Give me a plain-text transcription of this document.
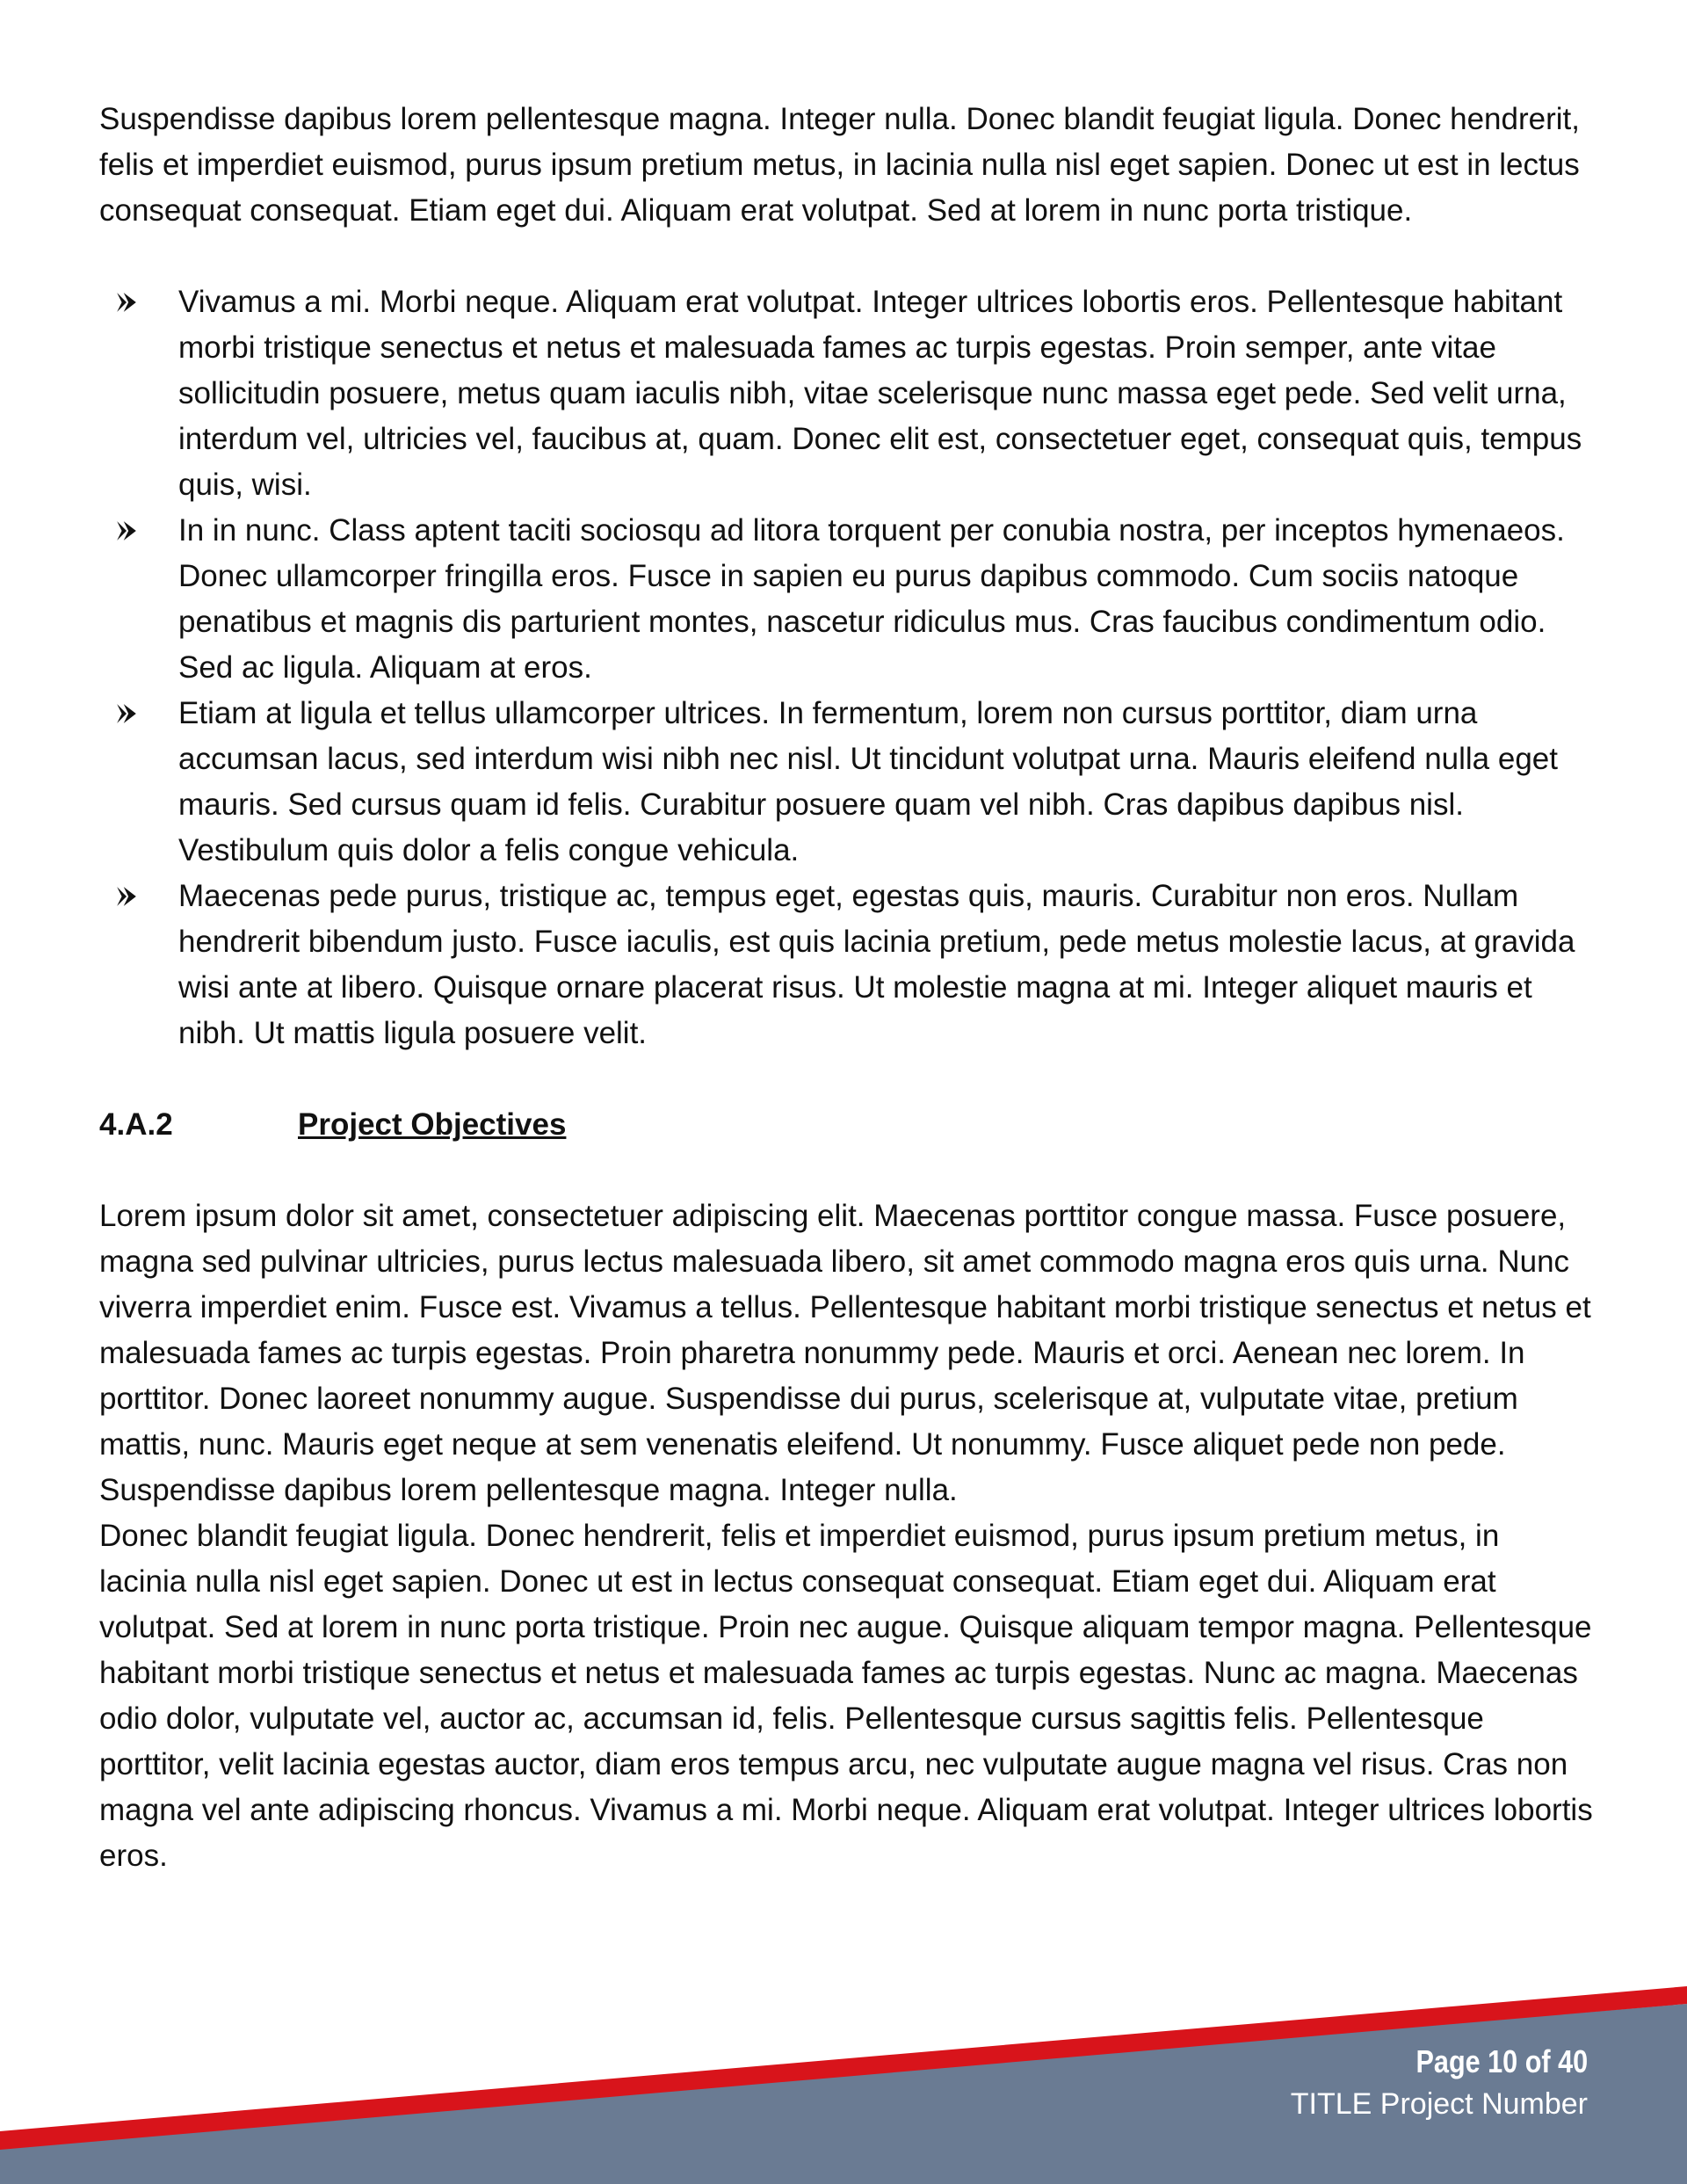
Suspendisse dapibus lorem pellentesque magna. Integer nulla. Donec blandit feugiat ligula. Donec hendrerit, felis et imperdiet euismod, purus ipsum pretium metus, in lacinia nulla nisl eget sapien. Donec ut est in lectus consequat consequat. Etiam eget dui. Aliquam erat volutpat. Sed at lorem in nunc porta tristique.

Vivamus a mi. Morbi neque. Aliquam erat volutpat. Integer ultrices lobortis eros. Pellentesque habitant morbi tristique senectus et netus et malesuada fames ac turpis egestas. Proin semper, ante vitae sollicitudin posuere, metus quam iaculis nibh, vitae scelerisque nunc massa eget pede. Sed velit urna, interdum vel, ultricies vel, faucibus at, quam. Donec elit est, consectetuer eget, consequat quis, tempus quis, wisi.
In in nunc. Class aptent taciti sociosqu ad litora torquent per conubia nostra, per inceptos hymenaeos. Donec ullamcorper fringilla eros. Fusce in sapien eu purus dapibus commodo. Cum sociis natoque penatibus et magnis dis parturient montes, nascetur ridiculus mus. Cras faucibus condimentum odio. Sed ac ligula. Aliquam at eros.
Etiam at ligula et tellus ullamcorper ultrices. In fermentum, lorem non cursus porttitor, diam urna accumsan lacus, sed interdum wisi nibh nec nisl. Ut tincidunt volutpat urna. Mauris eleifend nulla eget mauris. Sed cursus quam id felis. Curabitur posuere quam vel nibh. Cras dapibus dapibus nisl. Vestibulum quis dolor a felis congue vehicula.
Maecenas pede purus, tristique ac, tempus eget, egestas quis, mauris. Curabitur non eros. Nullam hendrerit bibendum justo. Fusce iaculis, est quis lacinia pretium, pede metus molestie lacus, at gravida wisi ante at libero. Quisque ornare placerat risus. Ut molestie magna at mi. Integer aliquet mauris et nibh. Ut mattis ligula posuere velit.
4.A.2	Project Objectives

Lorem ipsum dolor sit amet, consectetuer adipiscing elit. Maecenas porttitor congue massa. Fusce posuere, magna sed pulvinar ultricies, purus lectus malesuada libero, sit amet commodo magna eros quis urna. Nunc viverra imperdiet enim. Fusce est. Vivamus a tellus. Pellentesque habitant morbi tristique senectus et netus et malesuada fames ac turpis egestas. Proin pharetra nonummy pede. Mauris et orci. Aenean nec lorem. In porttitor. Donec laoreet nonummy augue. Suspendisse dui purus, scelerisque at, vulputate vitae, pretium mattis, nunc. Mauris eget neque at sem venenatis eleifend. Ut nonummy. Fusce aliquet pede non pede. Suspendisse dapibus lorem pellentesque magna. Integer nulla.

Donec blandit feugiat ligula. Donec hendrerit, felis et imperdiet euismod, purus ipsum pretium metus, in lacinia nulla nisl eget sapien. Donec ut est in lectus consequat consequat. Etiam eget dui. Aliquam erat volutpat. Sed at lorem in nunc porta tristique. Proin nec augue. Quisque aliquam tempor magna. Pellentesque habitant morbi tristique senectus et netus et malesuada fames ac turpis egestas. Nunc ac magna. Maecenas odio dolor, vulputate vel, auctor ac, accumsan id, felis. Pellentesque cursus sagittis felis. Pellentesque porttitor, velit lacinia egestas auctor, diam eros tempus arcu, nec vulputate augue magna vel risus. Cras non magna vel ante adipiscing rhoncus. Vivamus a mi. Morbi neque. Aliquam erat volutpat. Integer ultrices lobortis eros.

Page 10 of 40
TITLE Project Number
